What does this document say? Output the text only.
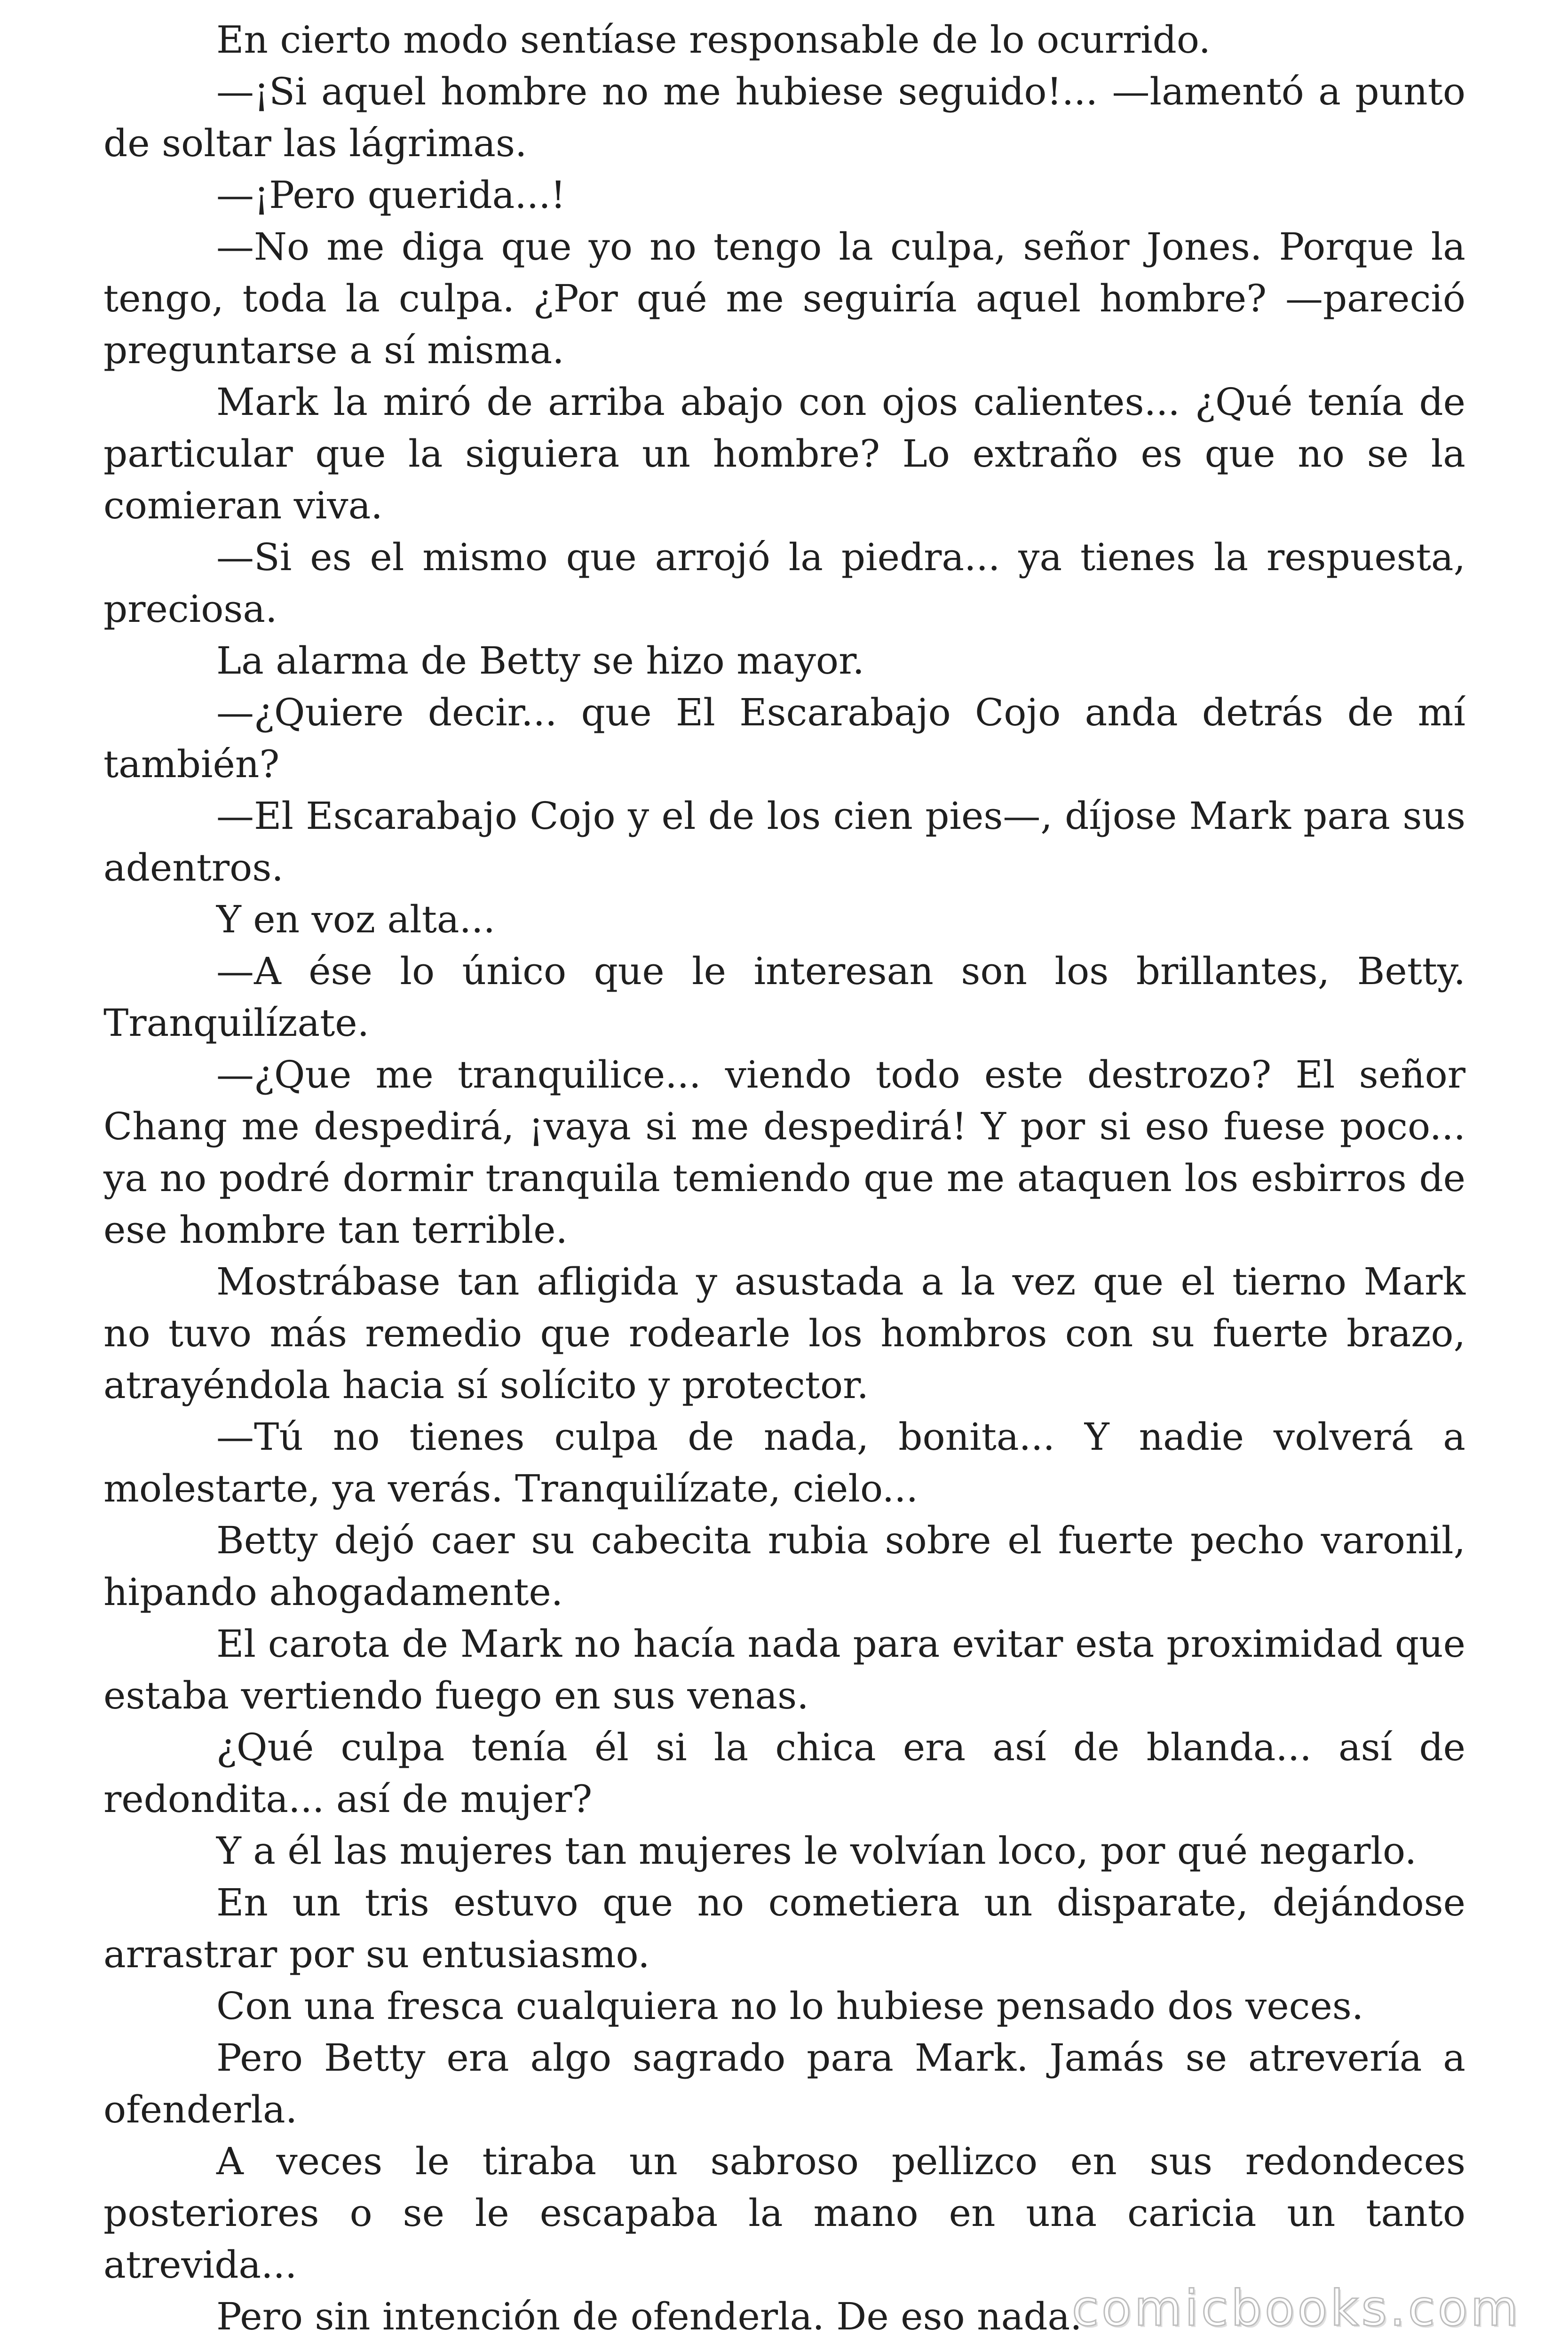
En cierto modo sentíase responsable de lo ocurrido.

—¡Si aquel hombre no me hubiese seguido!... —lamentó a punto de soltar las lágrimas.

—¡Pero querida...!

—No me diga que yo no tengo la culpa, señor Jones. Porque la tengo, toda la culpa. ¿Por qué me seguiría aquel hombre? —pareció preguntarse a sí misma.

Mark la miró de arriba abajo con ojos calientes... ¿Qué tenía de particular que la siguiera un hombre? Lo extraño es que no se la comieran viva.

—Si es el mismo que arrojó la piedra... ya tienes la respuesta, preciosa.

La alarma de Betty se hizo mayor.

—¿Quiere decir... que El Escarabajo Cojo anda detrás de mí también?

—El Escarabajo Cojo y el de los cien pies—, díjose Mark para sus adentros.

Y en voz alta...

—A ése lo único que le interesan son los brillantes, Betty. Tranquilízate.

—¿Que me tranquilice... viendo todo este destrozo? El señor Chang me despedirá, ¡vaya si me despedirá! Y por si eso fuese poco... ya no podré dormir tranquila temiendo que me ataquen los esbirros de ese hombre tan terrible.

Mostrábase tan afligida y asustada a la vez que el tierno Mark no tuvo más remedio que rodearle los hombros con su fuerte brazo, atrayéndola hacia sí solícito y protector.

—Tú no tienes culpa de nada, bonita... Y nadie volverá a molestarte, ya verás. Tranquilízate, cielo...

Betty dejó caer su cabecita rubia sobre el fuerte pecho varonil, hipando ahogadamente.

El carota de Mark no hacía nada para evitar esta proximidad que estaba vertiendo fuego en sus venas.

¿Qué culpa tenía él si la chica era así de blanda... así de redondita... así de mujer?

Y a él las mujeres tan mujeres le volvían loco, por qué negarlo.

En un tris estuvo que no cometiera un disparate, dejándose arrastrar por su entusiasmo.

Con una fresca cualquiera no lo hubiese pensado dos veces.

Pero Betty era algo sagrado para Mark. Jamás se atrevería a ofenderla.

A veces le tiraba un sabroso pellizco en sus redondeces posteriores o se le escapaba la mano en una caricia un tanto atrevida...

Pero sin intención de ofenderla. De eso nada.

comicbooks.com
